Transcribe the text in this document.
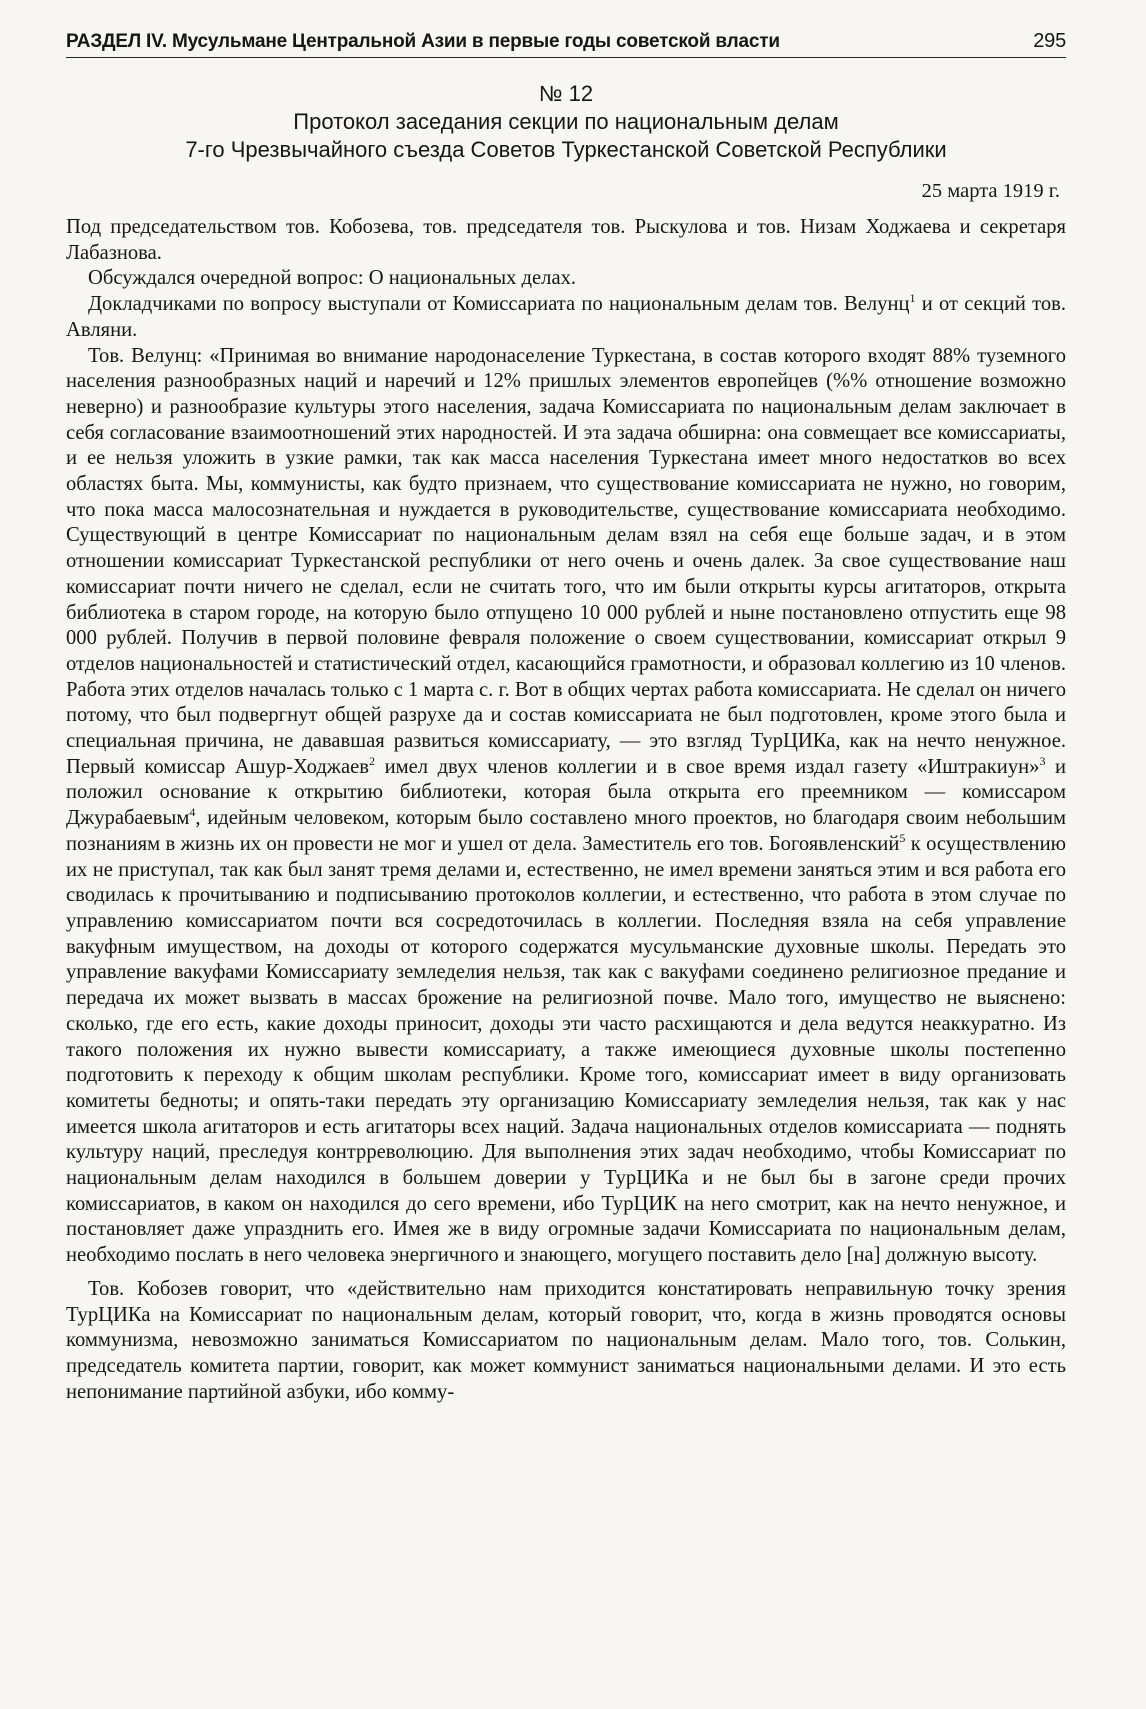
РАЗДЕЛ IV. Мусульмане Центральной Азии в первые годы советской власти	295
№ 12
Протокол заседания секции по национальным делам
7-го Чрезвычайного съезда Советов Туркестанской Советской Республики
25 марта 1919 г.

Под председательством тов. Кобозева, тов. председателя тов. Рыскулова и тов. Низам Ходжаева и секретаря Лабазнова.

Обсуждался очередной вопрос: О национальных делах.

Докладчиками по вопросу выступали от Комиссариата по национальным делам тов. Велунц$^1$ и от секций тов. Авляни.

Тов. Велунц: «Принимая во внимание народонаселение Туркестана, в состав которого входят 88% туземного населения разнообразных наций и наречий и 12% пришлых элементов европейцев (%% отношение возможно неверно) и разнообразие культуры этого населения, задача Комиссариата по национальным делам заключает в себя согласование взаимоотношений этих народностей. И эта задача обширна: она совмещает все комиссариаты, и ее нельзя уложить в узкие рамки, так как масса населения Туркестана имеет много недостатков во всех областях быта. Мы, коммунисты, как будто признаем, что существование комиссариата не нужно, но говорим, что пока масса малосознательная и нуждается в руководительстве, существование комиссариата необходимо. Существующий в центре Комиссариат по национальным делам взял на себя еще больше задач, и в этом отношении комиссариат Туркестанской республики от него очень и очень далек. За свое существование наш комиссариат почти ничего не сделал, если не считать того, что им были открыты курсы агитаторов, открыта библиотека в старом городе, на которую было отпущено 10 000 рублей и ныне постановлено отпустить еще 98 000 рублей. Получив в первой половине февраля положение о своем существовании, комиссариат открыл 9 отделов национальностей и статистический отдел, касающийся грамотности, и образовал коллегию из 10 членов. Работа этих отделов началась только с 1 марта с. г. Вот в общих чертах работа комиссариата. Не сделал он ничего потому, что был подвергнут общей разрухе да и состав комиссариата не был подготовлен, кроме этого была и специальная причина, не дававшая развиться комиссариату, — это взгляд ТурЦИКа, как на нечто ненужное. Первый комиссар Ашур-Ходжаев$^2$ имел двух членов коллегии и в свое время издал газету «Иштракиун»$^3$ и положил основание к открытию библиотеки, которая была открыта его преемником — комиссаром Джурабаевым$^4$, идейным человеком, которым было составлено много проектов, но благодаря своим небольшим познаниям в жизнь их он провести не мог и ушел от дела. Заместитель его тов. Богоявленский$^5$ к осуществлению их не приступал, так как был занят тремя делами и, естественно, не имел времени заняться этим и вся работа его сводилась к прочитыванию и подписыванию протоколов коллегии, и естественно, что работа в этом случае по управлению комиссариатом почти вся сосредоточилась в коллегии. Последняя взяла на себя управление вакуфным имуществом, на доходы от которого содержатся мусульманские духовные школы. Передать это управление вакуфами Комиссариату земледелия нельзя, так как с вакуфами соединено религиозное предание и передача их может вызвать в массах брожение на религиозной почве. Мало того, имущество не выяснено: сколько, где его есть, какие доходы приносит, доходы эти часто расхищаются и дела ведутся неаккуратно. Из такого положения их нужно вывести комиссариату, а также имеющиеся духовные школы постепенно подготовить к переходу к общим школам республики. Кроме того, комиссариат имеет в виду организовать комитеты бедноты; и опять-таки передать эту организацию Комиссариату земледелия нельзя, так как у нас имеется школа агитаторов и есть агитаторы всех наций. Задача национальных отделов комиссариата — поднять культуру наций, преследуя контрреволюцию. Для выполнения этих задач необходимо, чтобы Комиссариат по национальным делам находился в большем доверии у ТурЦИКа и не был бы в загоне среди прочих комиссариатов, в каком он находился до сего времени, ибо ТурЦИК на него смотрит, как на нечто ненужное, и постановляет даже упразднить его. Имея же в виду огромные задачи Комиссариата по национальным делам, необходимо послать в него человека энергичного и знающего, могущего поставить дело [на] должную высоту.

Тов. Кобозев говорит, что «действительно нам приходится констатировать неправильную точку зрения ТурЦИКа на Комиссариат по национальным делам, который говорит, что, когда в жизнь проводятся основы коммунизма, невозможно заниматься Комиссариатом по национальным делам. Мало того, тов. Солькин, председатель комитета партии, говорит, как может коммунист заниматься национальными делами. И это есть непонимание партийной азбуки, ибо комму-
